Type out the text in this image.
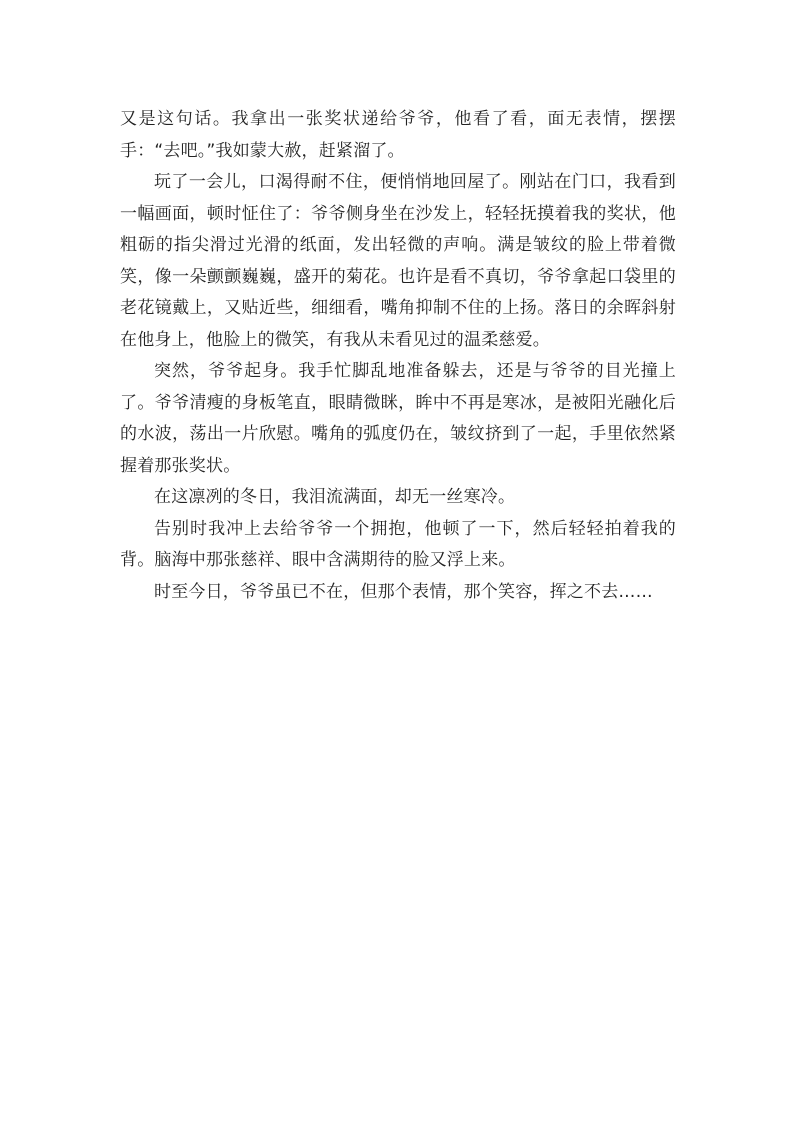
又是这句话。我拿出一张奖状递给爷爷，他看了看，面无表情，摆摆手：“去吧。”我如蒙大赦，赶紧溜了。

玩了一会儿，口渴得耐不住，便悄悄地回屋了。刚站在门口，我看到一幅画面，顿时怔住了：爷爷侧身坐在沙发上，轻轻抚摸着我的奖状，他粗砺的指尖滑过光滑的纸面，发出轻微的声响。满是皱纹的脸上带着微笑，像一朵颤颤巍巍，盛开的菊花。也许是看不真切，爷爷拿起口袋里的老花镜戴上，又贴近些，细细看，嘴角抑制不住的上扬。落日的余晖斜射在他身上，他脸上的微笑，有我从未看见过的温柔慈爱。

突然，爷爷起身。我手忙脚乱地准备躲去，还是与爷爷的目光撞上了。爷爷清瘦的身板笔直，眼睛微眯，眸中不再是寒冰，是被阳光融化后的水波，荡出一片欣慰。嘴角的弧度仍在，皱纹挤到了一起，手里依然紧握着那张奖状。

在这凛冽的冬日，我泪流满面，却无一丝寒冷。

告别时我冲上去给爷爷一个拥抱，他顿了一下，然后轻轻拍着我的背。脑海中那张慈祥、眼中含满期待的脸又浮上来。

时至今日，爷爷虽已不在，但那个表情，那个笑容，挥之不去……
